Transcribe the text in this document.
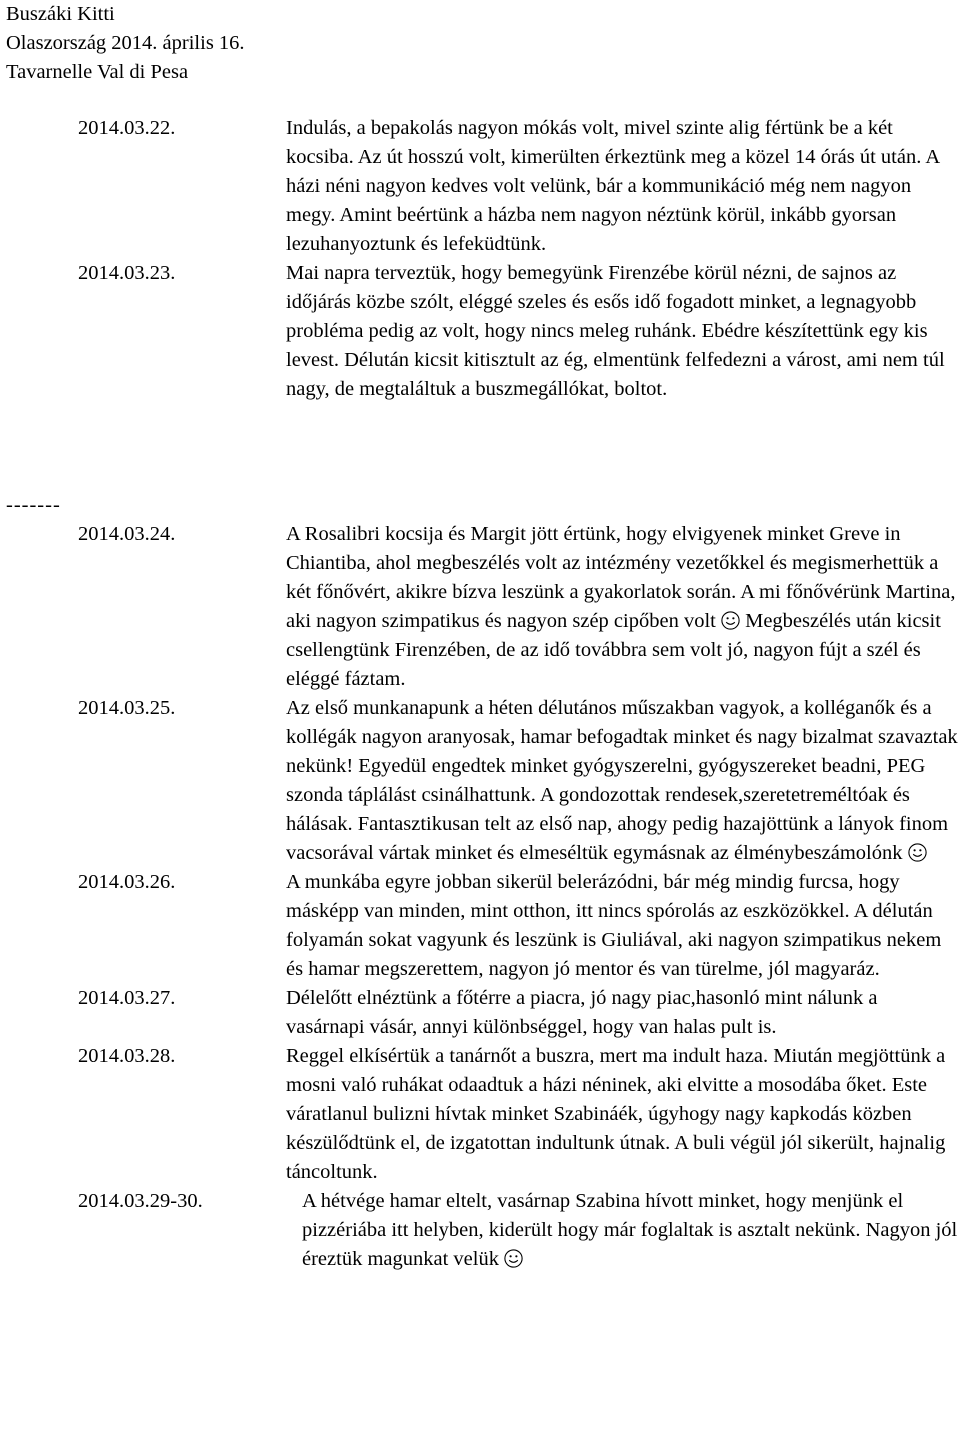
Buszáki Kitti
Olaszország 2014. április 16.
Tavarnelle Val di Pesa
2014.03.22.	Indulás, a bepakolás nagyon mókás volt, mivel szinte alig fértünk be a két kocsiba. Az út hosszú volt, kimerülten érkeztünk meg a közel 14 órás út után. A házi néni nagyon kedves volt velünk, bár a kommunikáció még nem nagyon megy. Amint beértünk a házba nem nagyon néztünk körül, inkább gyorsan lezuhanyoztunk és lefeküdtünk.
2014.03.23.	Mai napra terveztük, hogy bemegyünk Firenzébe körül nézni, de sajnos az időjárás közbe szólt, eléggé szeles és esős idő fogadott minket, a legnagyobb probléma pedig az volt, hogy nincs meleg ruhánk. Ebédre készítettünk egy kis levest. Délután kicsit kitisztult az ég, elmentünk felfedezni a várost, ami nem túl nagy, de megtaláltuk a buszmegállókat, boltot.
-------
2014.03.24.	A Rosalibri kocsija és Margit jött értünk, hogy elvigyenek minket Greve in Chiantiba, ahol megbeszélés volt az intézmény vezetőkkel és megismerhettük a két főnővért, akikre bízva leszünk a gyakorlatok során. A mi főnővérünk Martina, aki nagyon szimpatikus és nagyon szép cipőben volt Megbeszélés után kicsit csellengtünk Firenzében, de az idő továbbra sem volt jó, nagyon fújt a szél és eléggé fáztam.
2014.03.25.	Az első munkanapunk a héten délutános műszakban vagyok, a kolléganők és a kollégák nagyon aranyosak, hamar befogadtak minket és nagy bizalmat szavaztak nekünk! Egyedül engedtek minket gyógyszerelni, gyógyszereket beadni, PEG szonda táplálást csinálhattunk. A gondozottak rendesek,szeretetreméltóak és hálásak. Fantasztikusan telt az első nap, ahogy pedig hazajöttünk a lányok finom vacsorával vártak minket és elmeséltük egymásnak az élménybeszámolónk
2014.03.26.	A munkába egyre jobban sikerül belerázódni, bár még mindig furcsa, hogy másképp van minden, mint otthon, itt nincs spórolás az eszközökkel. A délután folyamán sokat vagyunk és leszünk is Giuliával, aki nagyon szimpatikus nekem és hamar megszerettem, nagyon jó mentor és van türelme, jól magyaráz.
2014.03.27.	Délelőtt elnéztünk a főtérre a piacra, jó nagy piac,hasonló mint nálunk a vasárnapi vásár, annyi különbséggel, hogy van halas pult is.
2014.03.28.	Reggel elkísértük a tanárnőt a buszra, mert ma indult haza. Miután megjöttünk a mosni való ruhákat odaadtuk a házi néninek, aki elvitte a mosodába őket. Este váratlanul bulizni hívtak minket Szabináék, úgyhogy nagy kapkodás közben készülődtünk el, de izgatottan indultunk útnak. A buli végül jól sikerült, hajnalig táncoltunk.
2014.03.29-30.	A hétvége hamar eltelt, vasárnap Szabina hívott minket, hogy menjünk el pizzériába itt helyben, kiderült hogy már foglaltak is asztalt nekünk. Nagyon jól éreztük magunkat velük
